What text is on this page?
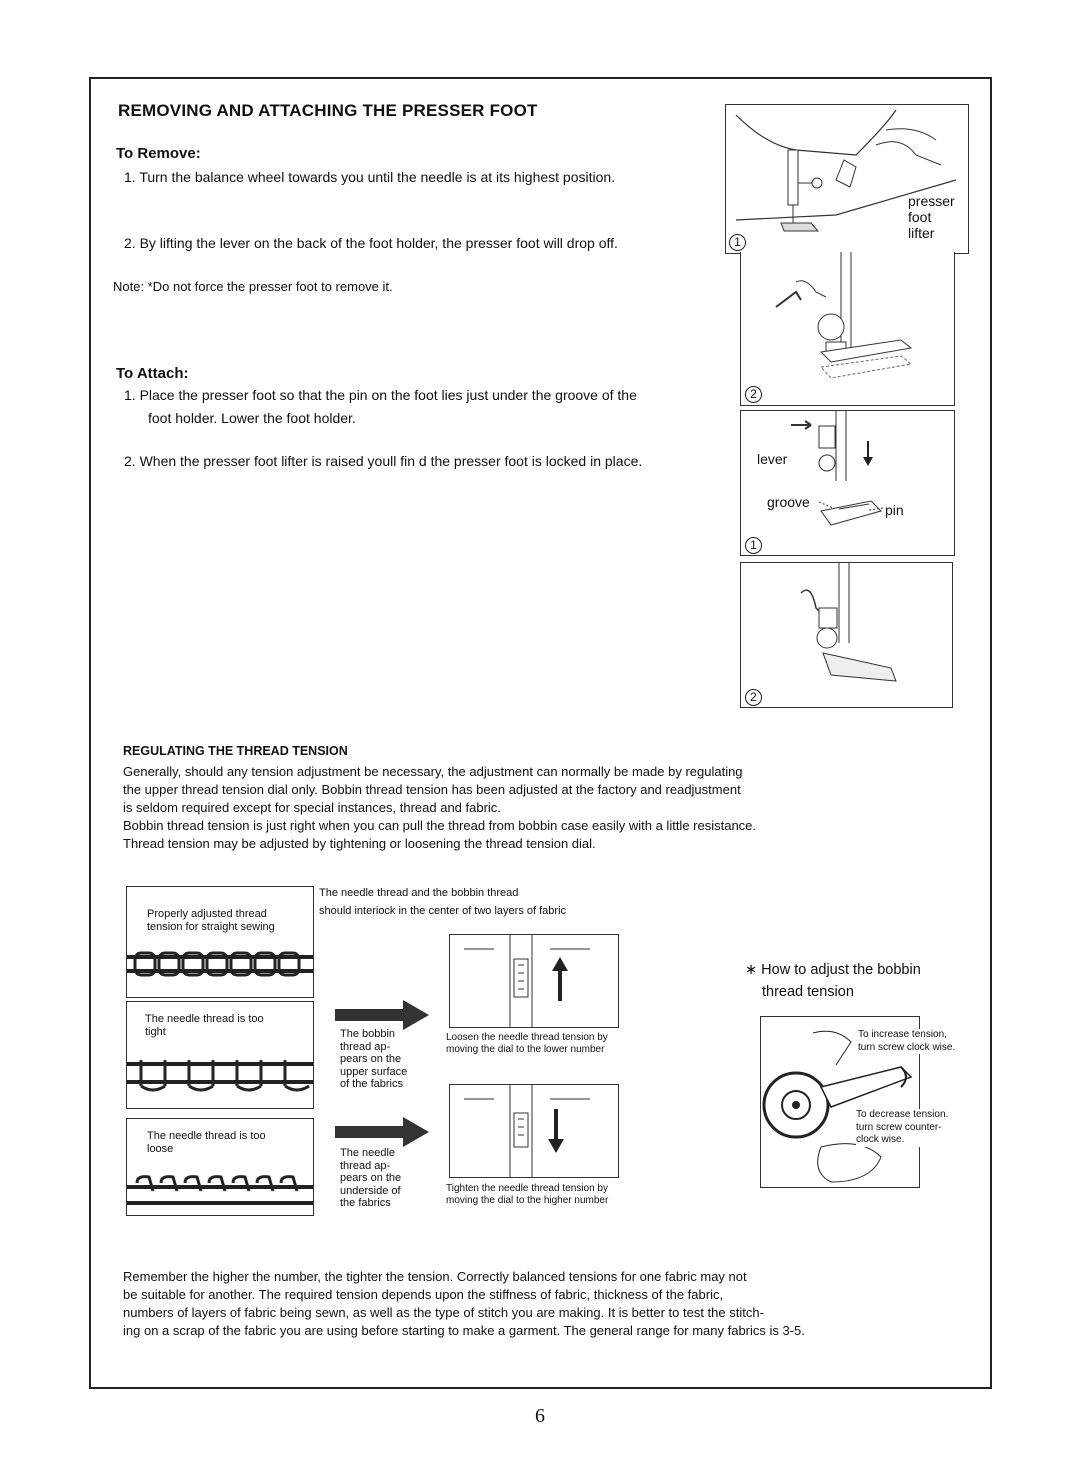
REMOVING AND ATTACHING THE PRESSER FOOT
To Remove:
1. Turn the balance wheel towards you until the needle is at its highest position.
2. By lifting the lever on the back of the foot holder, the presser foot will drop off.
Note: *Do not force the presser foot to remove it.
To Attach:
1. Place the presser foot so that the pin on the foot lies just under the groove of the
foot holder. Lower the foot holder.
2. When the presser foot lifter is raised youll fin d the presser foot is locked in place.
presser
foot
lifter
1
2
lever
groove	pin
1
2
REGULATING THE THREAD TENSION
Generally, should any tension adjustment be necessary, the adjustment can normally be made by regulating
the upper thread tension dial only. Bobbin thread tension has been adjusted at the factory and readjustment
is seldom required except for special instances, thread and fabric.
Bobbin thread tension is just right when you can pull the thread from bobbin case easily with a little resistance.
Thread tension may be adjusted by tightening or loosening the thread tension dial.
The needle thread and the bobbin thread
should interiock in the center of two layers of fabric
Properly adjusted thread
tension for straight sewing
The needle thread is too
tight
The needle thread is too
loose
The bobbin
thread ap-
pears on the
upper surface
of the fabrics
The needle
thread ap-
pears on the
underside of
the fabrics
Loosen the needle thread tension by
moving the dial to the lower number
Tighten the needle thread tension by
moving the dial to the higher number
∗ How to adjust the bobbin
thread tension
To increase tension,
turn screw clock wise.
To decrease tension.
turn screw counter-
clock wise.
Remember the higher the number, the tighter the tension. Correctly balanced tensions for one fabric may not
be suitable for another. The required tension depends upon the stiffness of fabric, thickness of the fabric,
numbers of layers of fabric being sewn, as well as the type of stitch you are making. It is better to test the stitch-
ing on a scrap of the fabric you are using before starting to make a garment. The general range for many fabrics is 3-5.
6
